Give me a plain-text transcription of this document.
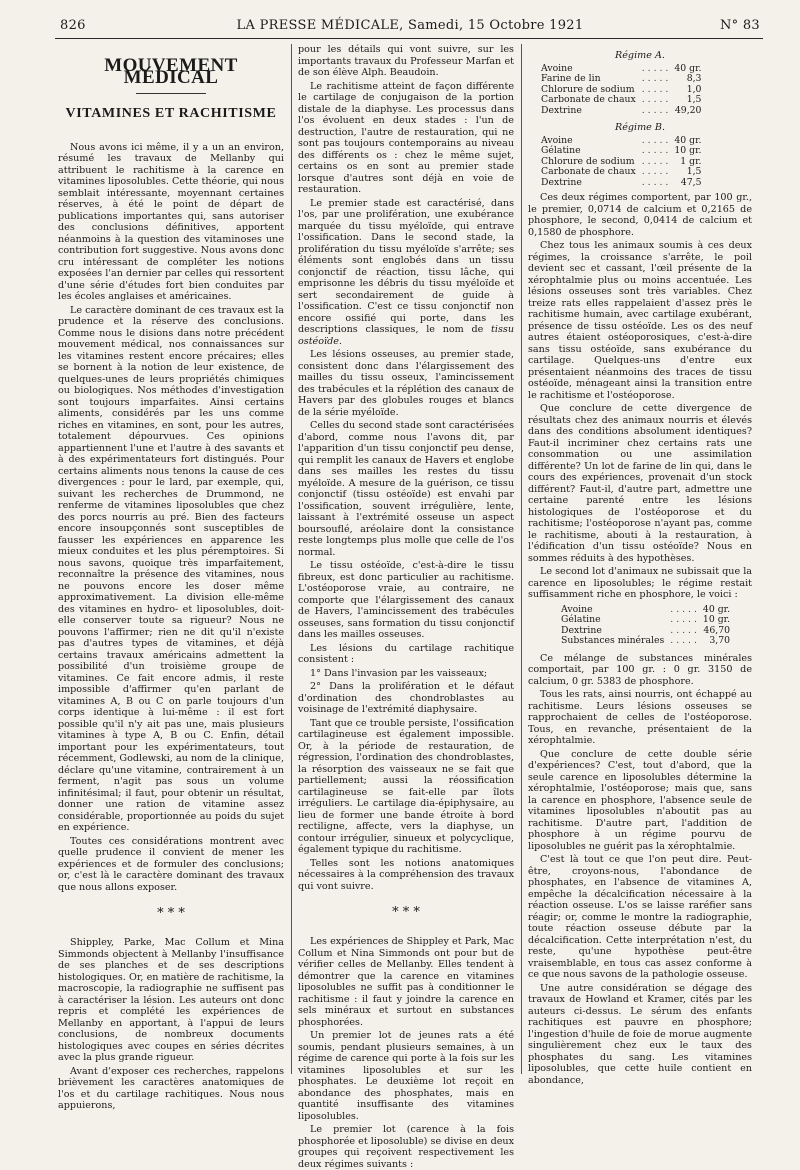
826	LA PRESSE MÉDICALE, Samedi, 15 Octobre 1921	N° 83
MOUVEMENT MÉDICAL
VITAMINES ET RACHITISME

Nous avons ici même, il y a un an environ, résumé les travaux de Mellanby qui attribuent le rachitisme à la carence en vitamines liposolubles. Cette théorie, qui nous semblait intéressante, moyennant certaines réserves, à été le point de départ de publications importantes qui, sans autoriser des conclusions définitives, apportent néanmoins à la question des vitaminoses une contribution fort suggestive. Nous avons donc cru intéressant de compléter les notions exposées l'an dernier par celles qui ressortent d'une série d'études fort bien conduites par les écoles anglaises et américaines.

Le caractère dominant de ces travaux est la prudence et la réserve des conclusions. Comme nous le disions dans notre précédent mouvement médical, nos connaissances sur les vitamines restent encore précaires; elles se bornent à la notion de leur existence, de quelques-unes de leurs propriétés chimiques ou biologiques. Nos méthodes d'investigation sont toujours imparfaites. Ainsi certains aliments, considérés par les uns comme riches en vitamines, en sont, pour les autres, totalement dépourvues. Ces opinions appartiennent l'une et l'autre à des savants et à des expérimentateurs fort distingués. Pour certains aliments nous tenons la cause de ces divergences : pour le lard, par exemple, qui, suivant les recherches de Drummond, ne renferme de vitamines liposolubles que chez des porcs nourris au pré. Bien des facteurs encore insoupçonnés sont susceptibles de fausser les expériences en apparence les mieux conduites et les plus péremptoires. Si nous savons, quoique très imparfaitement, reconnaître la présence des vitamines, nous ne pouvons encore les doser même approximativement. La division elle-même des vitamines en hydro- et liposolubles, doit-elle conserver toute sa rigueur? Nous ne pouvons l'affirmer; rien ne dit qu'il n'existe pas d'autres types de vitamines, et déjà certains travaux américains admettent la possibilité d'un troisième groupe de vitamines. Ce fait encore admis, il reste impossible d'affirmer qu'en parlant de vitamines A, B ou C on parle toujours d'un corps identique à lui-même : il est fort possible qu'il n'y ait pas une, mais plusieurs vitamines à type A, B ou C. Enfin, détail important pour les expérimentateurs, tout récemment, Godlewski, au nom de la clinique, déclare qu'une vitamine, contrairement à un ferment, n'agit pas sous un volume infinitésimal; il faut, pour obtenir un résultat, donner une ration de vitamine assez considérable, proportionnée au poids du sujet en expérience.

Toutes ces considérations montrent avec quelle prudence il convient de mener les expériences et de formuler des conclusions; or, c'est là le caractère dominant des travaux que nous allons exposer.

* * *

Shippley, Parke, Mac Collum et Mina Simmonds objectent à Mellanby l'insuffisance de ses planches et de ses descriptions histologiques. Or, en matière de rachitisme, la macroscopie, la radiographie ne suffisent pas à caractériser la lésion. Les auteurs ont donc repris et complété les expériences de Mellanby en apportant, à l'appui de leurs conclusions, de nombreux documents histologiques avec coupes en séries décrites avec la plus grande rigueur.

Avant d'exposer ces recherches, rappelons brièvement les caractères anatomiques de l'os et du cartilage rachitiques. Nous nous appuierons,

pour les détails qui vont suivre, sur les importants travaux du Professeur Marfan et de son élève Alph. Beaudoin.

Le rachitisme atteint de façon différente le cartilage de conjugaison de la portion distale de la diaphyse. Les processus dans l'os évoluent en deux stades : l'un de destruction, l'autre de restauration, qui ne sont pas toujours contemporains au niveau des différents os : chez le même sujet, certains os en sont au premier stade lorsque d'autres sont déjà en voie de restauration.

Le premier stade est caractérisé, dans l'os, par une prolifération, une exubérance marquée du tissu myéloïde, qui entrave l'ossification. Dans le second stade, la prolifération du tissu myéloïde s'arrête; ses éléments sont englobés dans un tissu conjonctif de réaction, tissu lâche, qui emprisonne les débris du tissu myéloïde et sert secondairement de guide à l'ossification. C'est ce tissu conjonctif non encore ossifié qui porte, dans les descriptions classiques, le nom de tissu ostéoïde.

Les lésions osseuses, au premier stade, consistent donc dans l'élargissement des mailles du tissu osseux, l'amincissement des trabécules et la réplétion des canaux de Havers par des globules rouges et blancs de la série myéloïde.

Celles du second stade sont caractérisées d'abord, comme nous l'avons dit, par l'apparition d'un tissu conjonctif peu dense, qui remplit les canaux de Havers et englobe dans ses mailles les restes du tissu myéloïde. A mesure de la guérison, ce tissu conjonctif (tissu ostéoïde) est envahi par l'ossification, souvent irrégulière, lente, laissant à l'extrémité osseuse un aspect boursouflé, aréolaire dont la consistance reste longtemps plus molle que celle de l'os normal.

Le tissu ostéoïde, c'est-à-dire le tissu fibreux, est donc particulier au rachitisme. L'ostéoporose vraie, au contraire, ne comporte que l'élargissement des canaux de Havers, l'amincissement des trabécules osseuses, sans formation du tissu conjonctif dans les mailles osseuses.

Les lésions du cartilage rachitique consistent :

1° Dans l'invasion par les vaisseaux;

2° Dans la prolifération et le défaut d'ordination des chondroblastes au voisinage de l'extrémité diaphysaire.

Tant que ce trouble persiste, l'ossification cartilagineuse est également impossible. Or, à la période de restauration, de régression, l'ordination des chondroblastes, la résorption des vaisseaux ne se fait que partiellement; aussi la réossification cartilagineuse se fait-elle par îlots irréguliers. Le cartilage dia-épiphysaire, au lieu de former une bande étroite à bord rectiligne, affecte, vers la diaphyse, un contour irrégulier, sinueux et polycyclique, également typique du rachitisme.

Telles sont les notions anatomiques nécessaires à la compréhension des travaux qui vont suivre.

* * *

Les expériences de Shippley et Park, Mac Collum et Nina Simmonds ont pour but de vérifier celles de Mellanby. Elles tendent à démontrer que la carence en vitamines liposolubles ne suffit pas à conditionner le rachitisme : il faut y joindre la carence en sels minéraux et surtout en substances phosphorées.

Un premier lot de jeunes rats a été soumis, pendant plusieurs semaines, à un régime de carence qui porte à la fois sur les vitamines liposolubles et sur les phosphates. Le deuxième lot reçoit en abondance des phosphates, mais en quantité insuffisante des vitamines liposolubles.

Le premier lot (carence à la fois phosphorée et liposoluble) se divise en deux groupes qui reçoivent respectivement les deux régimes suivants :

Régime A.
Avoine	. . . . .	40 gr.
Farine de lin	. . . . .	8,3
Chlorure de sodium	. . . . .	1,0
Carbonate de chaux	. . . . .	1,5
Dextrine	. . . . .	49,20
Régime B.
Avoine	. . . . .	40 gr.
Gélatine	. . . . .	10 gr.
Chlorure de sodium	. . . . .	1 gr.
Carbonate de chaux	. . . . .	1,5
Dextrine	. . . . .	47,5

Ces deux régimes comportent, par 100 gr., le premier, 0,0714 de calcium et 0,2165 de phosphore, le second, 0,0414 de calcium et 0,1580 de phosphore.

Chez tous les animaux soumis à ces deux régimes, la croissance s'arrête, le poil devient sec et cassant, l'œil présente de la xérophtalmie plus ou moins accentuée. Les lésions osseuses sont très variables. Chez treize rats elles rappelaient d'assez près le rachitisme humain, avec cartilage exubérant, présence de tissu ostéoïde. Les os des neuf autres étaient ostéoporosiques, c'est-à-dire sans tissu ostéoïde, sans exubérance du cartilage. Quelques-uns d'entre eux présentaient néanmoins des traces de tissu ostéoïde, ménageant ainsi la transition entre le rachitisme et l'ostéoporose.

Que conclure de cette divergence de résultats chez des animaux nourris et élevés dans des conditions absolument identiques? Faut-il incriminer chez certains rats une consommation ou une assimilation différente? Un lot de farine de lin qui, dans le cours des expériences, provenait d'un stock différent? Faut-il, d'autre part, admettre une certaine parenté entre les lésions histologiques de l'ostéoporose et du rachitisme; l'ostéoporose n'ayant pas, comme le rachitisme, abouti à la restauration, à l'édification d'un tissu ostéoïde? Nous en sommes réduits à des hypothèses.

Le second lot d'animaux ne subissait que la carence en liposolubles; le régime restait suffisamment riche en phosphore, le voici :

Avoine	. . . . .	40 gr.
Gélatine	. . . . .	10 gr.
Dextrine	. . . . .	46,70
Substances minérales	. . . . .	3,70

Ce mélange de substances minérales comportait, par 100 gr. : 0 gr. 3150 de calcium, 0 gr. 5383 de phosphore.

Tous les rats, ainsi nourris, ont échappé au rachitisme. Leurs lésions osseuses se rapprochaient de celles de l'ostéoporose. Tous, en revanche, présentaient de la xérophtalmie.

Que conclure de cette double série d'expériences? C'est, tout d'abord, que la seule carence en liposolubles détermine la xérophtalmie, l'ostéoporose; mais que, sans la carence en phosphore, l'absence seule de vitamines liposolubles n'aboutit pas au rachitisme. D'autre part, l'addition de phosphore à un régime pourvu de liposolubles ne guérit pas la xérophtalmie.

C'est là tout ce que l'on peut dire. Peut-être, croyons-nous, l'abondance de phosphates, en l'absence de vitamines A, empêche la décalcification nécessaire à la réaction osseuse. L'os se laisse raréfier sans réagir; or, comme le montre la radiographie, toute réaction osseuse débute par la décalcification. Cette interprétation n'est, du reste, qu'une hypothèse peut-être vraisemblable, en tous cas assez conforme à ce que nous savons de la pathologie osseuse.

Une autre considération se dégage des travaux de Howland et Kramer, cités par les auteurs ci-dessus. Le sérum des enfants rachitiques est pauvre en phosphore; l'ingestion d'huile de foie de morue augmente singulièrement chez eux le taux des phosphates du sang. Les vitamines liposolubles, que cette huile contient en abondance,
